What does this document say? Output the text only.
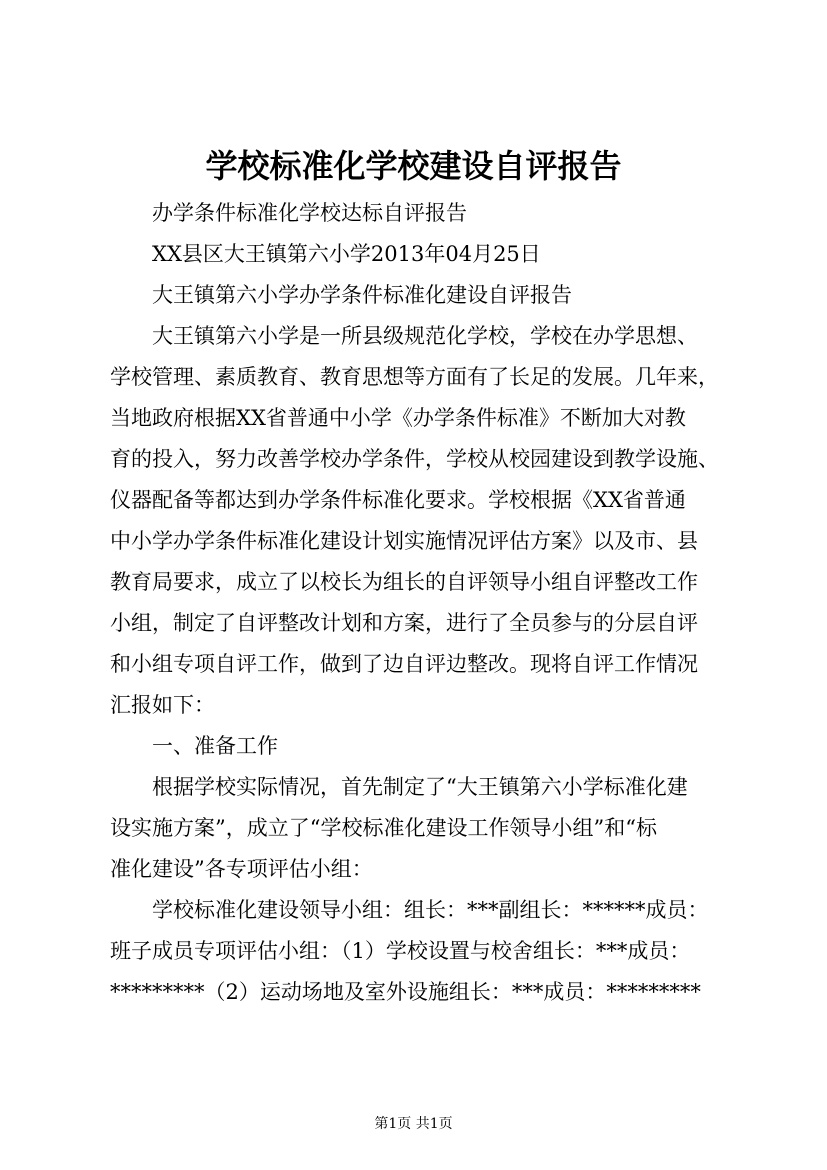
学校标准化学校建设自评报告

　　办学条件标准化学校达标自评报告

　　XX县区大王镇第六小学2013年04月25日

　　大王镇第六小学办学条件标准化建设自评报告

　　大王镇第六小学是一所县级规范化学校，学校在办学思想、

学校管理、素质教育、教育思想等方面有了长足的发展。几年来，

当地政府根据XX省普通中小学《办学条件标准》不断加大对教

育的投入，努力改善学校办学条件，学校从校园建设到教学设施、

仪器配备等都达到办学条件标准化要求。学校根据《XX省普通

中小学办学条件标准化建设计划实施情况评估方案》以及市、县

教育局要求，成立了以校长为组长的自评领导小组自评整改工作

小组，制定了自评整改计划和方案，进行了全员参与的分层自评

和小组专项自评工作，做到了边自评边整改。现将自评工作情况

汇报如下：

　　一、准备工作

　　根据学校实际情况，首先制定了“大王镇第六小学标准化建

设实施方案”，成立了“学校标准化建设工作领导小组”和“标

准化建设”各专项评估小组：

　　学校标准化建设领导小组：组长：***副组长：******成员：

班子成员专项评估小组：（1）学校设置与校舍组长：***成员：

*********（2）运动场地及室外设施组长：***成员：*********

第1页 共1页
